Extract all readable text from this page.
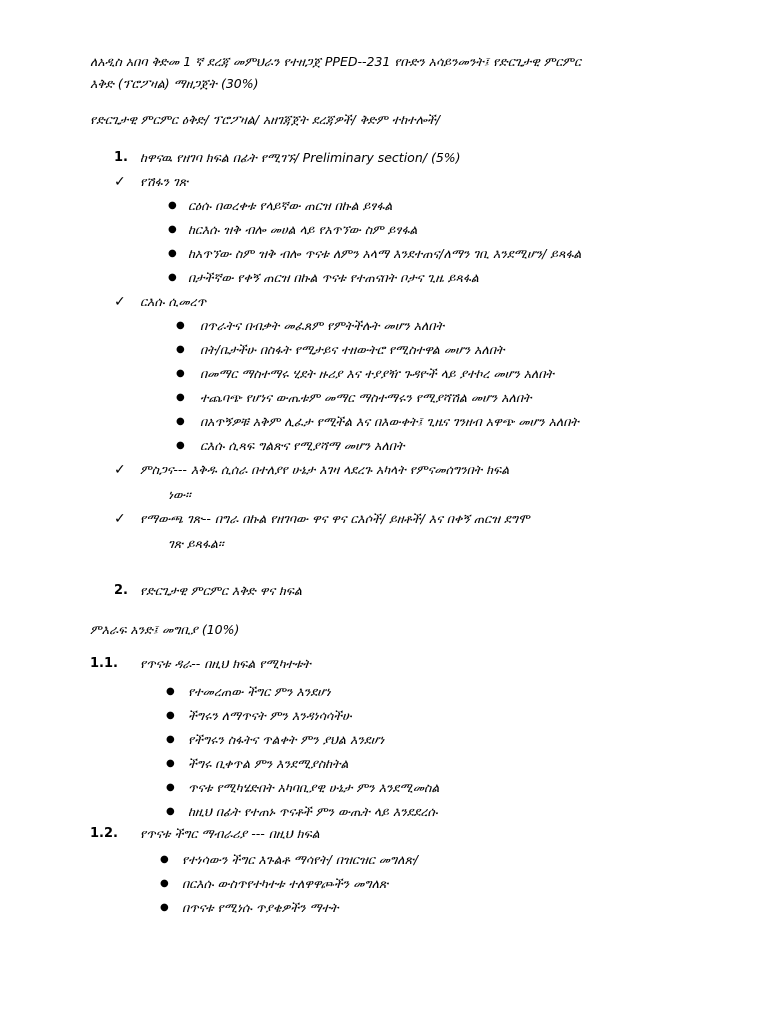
ለአዲስ አበባ ቅድመ 1 ኛ ደረጃ መምህራን የተዘጋጀ PPED--231 የቡድን አሳይንመንት፤ የድርጊታዊ ምርምር
እቅድ (ፕሮፖዛል) ማዘጋጀት (30%)
የድርጊታዊ ምርምር ዕቅድ/ ፕሮፖዛል/ አዘገጃጀት ደረጃዎች/ ቅድም ተከተሎች/
1. ከዋናዉ የዘገባ ክፍል በፊት የሚገኙ/ Preliminary section/ (5%)
✓ የሽፋን ገጽ
● ርዕሱ በወረቀቱ የላይኛው ጠርዝ በኩል ይፃፋል
● ከርእሱ ዝቅ ብሎ መሀል ላይ የአጥኘው ስም ይፃፋል
● ከአጥኘው ስም ዝቅ ብሎ ጥናቱ ለምን አላማ እንደተጠና/ለማን ገቢ እንደሚሆን/ ይጻፋል
● በታችኛው የቀኝ ጠርዝ በኩል ጥናቱ የተጠናበት ቦታና ጊዜ ይጻፋል
✓ ርእሱ ሲመረጥ
● በጥራትና በብቃት መፈጸም የምትችሉት መሆን አለበት
● በት/ቤታችሁ በስፋት የሚታይና ተዘውትሮ የሚስተዋል መሆን አለበት
● በመማር ማስተማሩ ሂደት ዙሪያ እና ተያያዥ ጉዳዮች ላይ ያተኮረ መሆን አለበት
● ተጨባጭ የሆነና ውጤቱም መማር ማስተማሩን የሚያሻሽል መሆን አለበት
● በአጥኝዎቹ አቅም ሊፈታ የሚችል እና በእውቀት፤ ጊዜና ገንዘብ አዋጭ መሆን አለበት
● ርእሱ ሲጻፍ ግልጽና የሚያሻማ መሆን አለበት
✓ ምስጋና--- እቅዱ ሲሰራ በተለያየ ሁኔታ እገዛ ላደረጉ አካላት የምናመሰግንበት ክፍል
ነው።
✓ የማውጫ ገጽ-- በግራ በኩል የዘገባው ዋና ዋና ርእሶች/ ይዘቶች/ እና በቀኝ ጠርዝ ደግሞ
ገጽ ይጻፋል።
2. የድርጊታዊ ምርምር እቅድ ዋና ክፍል
ምእራፍ አንድ፤ መግቢያ (10%)
1.1. የጥናቱ ዳራ-- በዚህ ክፍል የሚካተቱት
● የተመረጠው ችግር ምን እንደሆነ
● ችግሩን ለማጥናት ምን እንዳነሳሳችሁ
● የችግሩን ስፋትና ጥልቀት ምን ያህል እንደሆነ
● ችግሩ ቢቀጥል ምን እንደሚያስከትል
● ጥናቱ የሚካሄድበት አካባቢያዊ ሁኔታ ምን እንደሚመስል
● ከዚህ በፊት የተጠኑ ጥናቶች ምን ውጤት ላይ እንደደረሱ
1.2. የጥናቱ ችግር ማብራሪያ --- በዚህ ክፍል
● የተነሳውን ችግር እጉልቶ ማሳየት/ በዝርዝር መግለጽ/
● በርእሱ ውስጥየተካተቱ ተለዋዋጮችን መግለጽ
● በጥናቱ የሚነሱ ጥያቄዎችን ማተት
